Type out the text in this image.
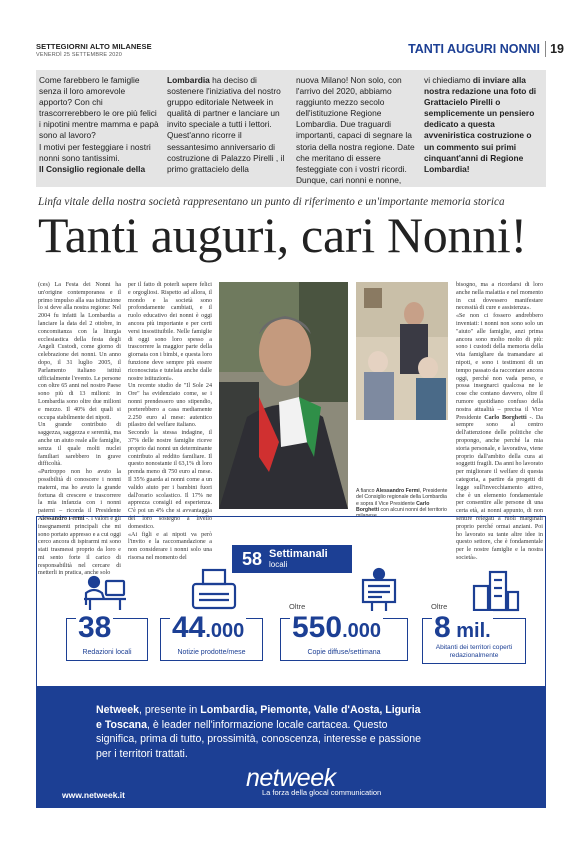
SETTEGIORNI ALTO MILANESE
VENERDÌ 25 SETTEMBRE 2020	TANTI AUGURI NONNI 19
Come farebbero le famiglie senza il loro amorevole apporto? Con chi trascorrerebbero le ore più felici i nipotini mentre mamma e papà sono al lavoro?
I motivi per festeggiare i nostri nonni sono tantissimi.
Il Consiglio regionale della
Lombardia ha deciso di sostenere l'iniziativa del nostro gruppo editoriale Netweek in qualità di partner e lanciare un invito speciale a tutti i lettori.
Quest'anno ricorre il sessantesimo anniversario di costruzione di Palazzo Pirelli , il primo grattacielo della
nuova Milano! Non solo, con l'arrivo del 2020, abbiamo raggiunto mezzo secolo dell'istituzione Regione Lombardia. Due traguardi importanti, capaci di segnare la storia della nostra regione. Date che meritano di essere festeggiate con i vostri ricordi. Dunque, cari nonni e nonne,
vi chiediamo di inviare alla nostra redazione una foto di Grattacielo Pirelli o semplicemente un pensiero dedicato a questa avveniristica costruzione o un commento sui primi cinquant'anni di Regione Lombardia!
Linfa vitale della nostra società rappresentano un punto di riferimento e un'importante memoria storica
Tanti auguri, cari Nonni!

(ces) La Festa dei Nonni ha un'origine contemporanea e il primo impulso alla sua istituzione lo si deve alla nostra regione: Nel 2004 fu infatti la Lombardia a lanciare la data del 2 ottobre, in concomitanza con la liturgia ecclesiastica della festa degli Angeli Custodi, come giorno di celebrazione dei nonni. Un anno dopo, il 31 luglio 2005, il Parlamento italiano istituì ufficialmente l'evento. Le persone con oltre 65 anni nel nostro Paese sono più di 13 milioni: in Lombardia sono oltre due milioni e mezzo. Il 40% dei quali si occupa stabilmente dei nipoti.

Un grande contributo di saggezza, saggezza e serenità, ma anche un aiuto reale alle famiglie, senza il quale molti nuclei familiari sarebbero in grave difficoltà.

«Purtroppo non ho avuto la possibilità di conoscere i nonni materni, ma ho avuto la grande fortuna di crescere e trascorrere la mia infanzia con i nonni paterni – ricorda il Presidente Alessandro Fermi -. I valori e gli insegnamenti principali che mi sono portato appresso e a cui oggi cerco ancora di ispirarmi mi sono stati trasmessi proprio da loro e mi sento forte il carico di responsabilità nel cercare di metterli in pratica, anche solo

per il fatto di poterli sapere felici e orgogliosi. Rispetto ad allora, il mondo e la società sono profondamente cambiati, e il ruolo educativo dei nonni è oggi ancora più importante e per certi versi insostituibile. Nelle famiglie di oggi sono loro spesso a trascorrere la maggior parte della giornata con i bimbi, e questa loro funzione deve sempre più essere riconosciuta e tutelata anche dalle nostre istituzioni».

Un recente studio de "Il Sole 24 Ore" ha evidenziato come, se i nonni prendessero uno stipendio, porterebbero a casa mediamente 2.250 euro al mese: autentico pilastro del welfare italiano.

Secondo la stessa indagine, il 37% delle nostre famiglie riceve proprio dai nonni un determinante contributo al reddito familiare. Il questo nonostante il 63,1% di loro prenda meno di 750 euro al mese. Il 35% guarda ai nonni come a un valido aiuto per i bambini fuori dall'orario scolastico. Il 17% ne apprezza consigli ed esperienza. C'è poi un 4% che si avvantaggia del loro sostegno a livello domestico.

«Ai figli e ai nipoti va però l'invito e la raccomandazione a non considerare i nonni solo una risorsa nel momento del

bisogno, ma a ricordarsi di loro anche nella malattia e nel momento in cui dovessero manifestare necessità di cure e assistenza».

«Se non ci fossero andrebbero inventati: i nonni non sono solo un "aiuto" alle famiglie, anzi prima ancora sono molto molto di più: sono i custodi della memoria della vita famigliare da tramandare ai nipoti, e sono i testimoni di un tempo passato da raccontare ancora oggi, perché non vada perso, e possa insegnarci qualcosa ne le cose che contano davvero, oltre il rumore quotidiano confuso della nostra attualità – precisa il Vice Presidente Carlo Borghetti -. Da sempre sono al centro dell'attenzione delle politiche che propongo, anche perché la mia storia personale, e lavorativa, viene proprio dall'ambito della cura ai soggetti fragili. Da anni ho lavorato per migliorare il welfare di questa categoria, a partire da progetti di legge sull'invecchiamento attivo, che è un elemento fondamentale per consentire alle persone di una certa età, ai nonni appunto, di non sentire relegati a ruoli marginali proprio perché ormai anziani. Poi ho lavorato su tante altre idee in questo settore, che è fondamentale per le nostre famiglie e la nostra società».

A fianco Alessandro Fermi, Presidente del Consiglio regionale della Lombardia e sopra il Vice Presidente Carlo Borghetti con alcuni nonni del territorio milanese
58 Settimanali
locali
38
Redazioni locali
44.000
Notizie prodotte/mese
Oltre
550.000
Copie diffuse/settimana
Oltre
8 mil.
Abitanti dei territori coperti redazionalmente
Netweek, presente in Lombardia, Piemonte, Valle d'Aosta, Liguria e Toscana, è leader nell'informazione locale cartacea. Questo significa, prima di tutto, prossimità, conoscenza, interesse e passione per i territori trattati.
netweek
La forza della glocal communication
www.netweek.it
